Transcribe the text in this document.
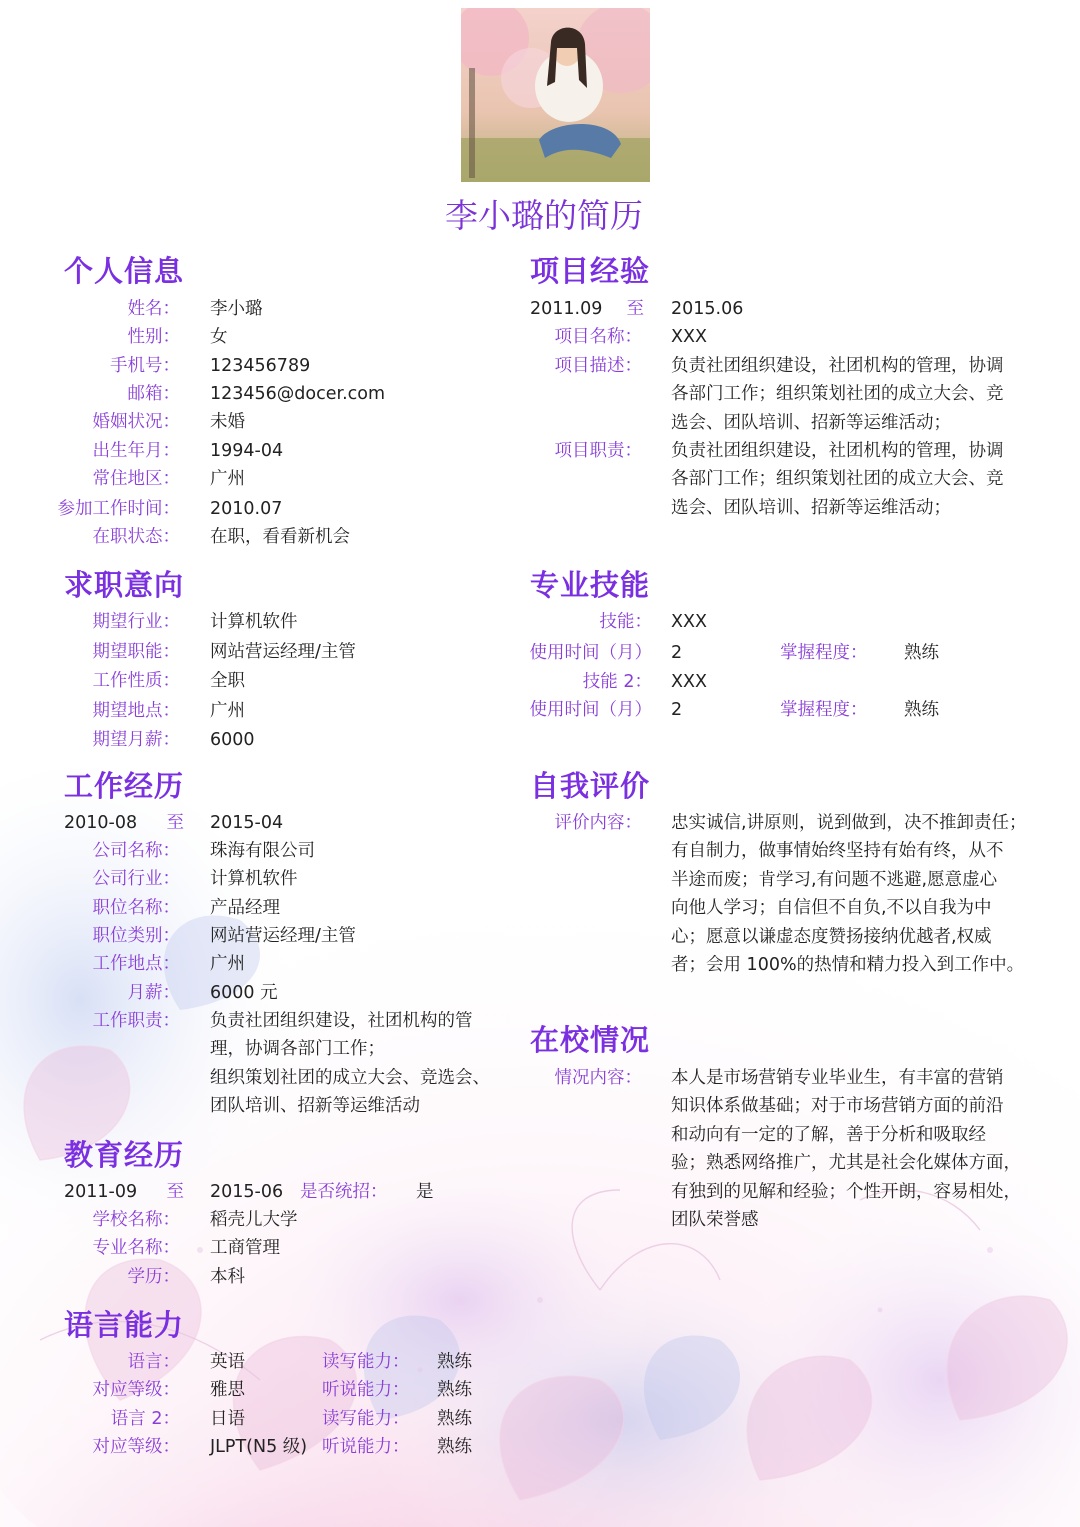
李小璐的简历
个人信息
姓名： 李小璐
性别： 女
手机号： 123456789
邮箱： 123456@docer.com
婚姻状况： 未婚
出生年月： 1994-04
常住地区： 广州
参加工作时间： 2010.07
在职状态： 在职，看看新机会
求职意向
期望行业： 计算机软件
期望职能： 网站营运经理/主管
工作性质： 全职
期望地点： 广州
期望月薪： 6000
工作经历
2010-08	至 2015-04
公司名称： 珠海有限公司
公司行业： 计算机软件
职位名称： 产品经理
职位类别： 网站营运经理/主管
工作地点： 广州
月薪： 6000 元
工作职责： 负责社团组织建设，社团机构的管
理，协调各部门工作；
组织策划社团的成立大会、竞选会、
团队培训、招新等运维活动
教育经历
2011-09	至 2015-06 是否统招： 是
学校名称： 稻壳儿大学
专业名称： 工商管理
学历： 本科
语言能力
语言： 英语	读写能力：	熟练
对应等级： 雅思	听说能力：	熟练
语言 2： 日语	读写能力：	熟练
对应等级： JLPT(N5 级) 听说能力：	熟练
项目经验
2011.09	至 2015.06
项目名称： XXX
项目描述： 负责社团组织建设，社团机构的管理，协调
各部门工作；组织策划社团的成立大会、竞
选会、团队培训、招新等运维活动；
项目职责： 负责社团组织建设，社团机构的管理，协调
各部门工作；组织策划社团的成立大会、竞
选会、团队培训、招新等运维活动；
专业技能
技能： XXX
使用时间（月） 2	掌握程度：	熟练
技能 2： XXX
使用时间（月） 2	掌握程度：	熟练
自我评价
评价内容： 忠实诚信,讲原则，说到做到，决不推卸责任；
有自制力，做事情始终坚持有始有终，从不
半途而废；肯学习,有问题不逃避,愿意虚心
向他人学习；自信但不自负,不以自我为中
心；愿意以谦虚态度赞扬接纳优越者,权威
者；会用 100%的热情和精力投入到工作中。
在校情况
情况内容： 本人是市场营销专业毕业生，有丰富的营销
知识体系做基础；对于市场营销方面的前沿
和动向有一定的了解，善于分析和吸取经
验；熟悉网络推广，尤其是社会化媒体方面，
有独到的见解和经验；个性开朗，容易相处，
团队荣誉感
